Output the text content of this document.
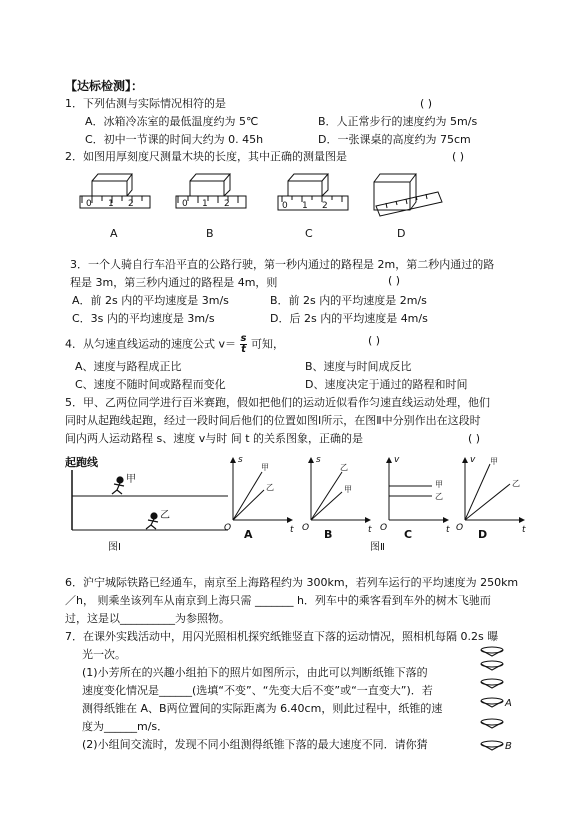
【达标检测】：
1．下列估测与实际情况相符的是	( )
A．冰箱冷冻室的最低温度约为 5℃	B．人正常步行的速度约为 5m/s
C．初中一节课的时间大约为 0. 45h	D．一张课桌的高度约为 75cm
2．如图用厚刻度尺测量木块的长度，其中正确的测量图是	( )
0 1 2	0 1 2	0 1 2
A	B	C	D
3．一个人骑自行车沿平直的公路行驶，第一秒内通过的路程是 2m，第二秒内通过的路
程是 3m，第三秒内通过的路程是 4m，则	( )
A．前 2s 内的平均速度是 3m/s	B．前 2s 内的平均速度是 2m/s
C．3s 内的平均速度是 3m/s	D．后 2s 内的平均速度是 4m/s
4．从匀速直线运动的速度公式 $v= \frac{s}{t}$ 可知，	( )
A、速度与路程成正比	B、速度与时间成反比
C、速度不随时间或路程而变化	D、速度决定于通过的路程和时间
5．甲、乙两位同学进行百米赛跑，假如把他们的运动近似看作匀速直线运动处理，他们
同时从起跑线起跑，经过一段时间后他们的位置如图Ⅰ所示，在图Ⅱ中分别作出在这段时
间内两人运动路程 s、速度 v与时 间 t 的关系图象，正确的是	( )
起跑线
甲
乙
图Ⅰ
s
t
O
s
t
O
v
t
O
v
t
O
甲
乙
乙
甲
甲
乙
甲
乙
A	B	C	D
图Ⅱ
6．沪宁城际铁路已经通车，南京至上海路程约为 300km，若列车运行的平均速度为 250km
／h， 则乘坐该列车从南京到上海只需 _______ h．列车中的乘客看到车外的树木飞驰而
过，这是以__________为参照物。
7．在课外实践活动中，用闪光照相机探究纸锥竖直下落的运动情况，照相机每隔 0.2s 曝
光一次。
(1)小芳所在的兴趣小组拍下的照片如图所示，由此可以判断纸锥下落的
速度变化情况是______(选填“不变”、“先变大后不变”或“一直变大”)．若
测得纸锥在 A、B两位置间的实际距离为 6.40cm，则此过程中，纸锥的速
度为______m/s．
(2)小组间交流时，发现不同小组测得纸锥下落的最大速度不同．请你猜
A
B
